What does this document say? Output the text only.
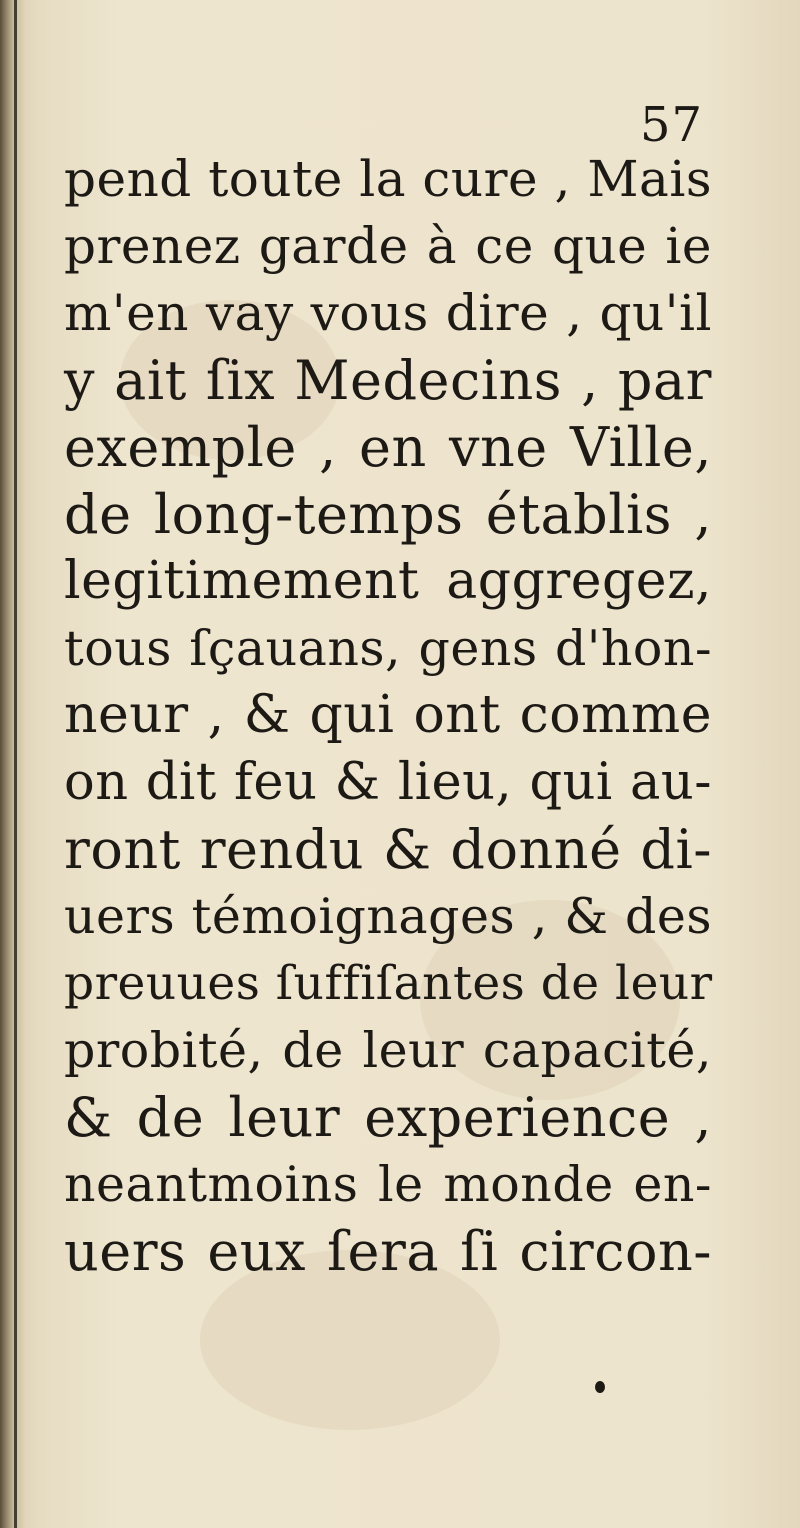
57
pend toute la cure , Mais
prenez garde à ce que ie
m'en vay vous dire , qu'il
y ait ſix Medecins , par
exemple , en vne Ville,
de long-temps établis ,
legitimement aggregez,
tous ſçauans, gens d'hon-
neur , & qui ont comme
on dit feu & lieu, qui au-
ront rendu & donné di-
uers témoignages , & des
preuues ſuffiſantes de leur
probité, de leur capacité,
& de leur experience ,
neantmoins le monde en-
uers eux ſera ſi circon-
